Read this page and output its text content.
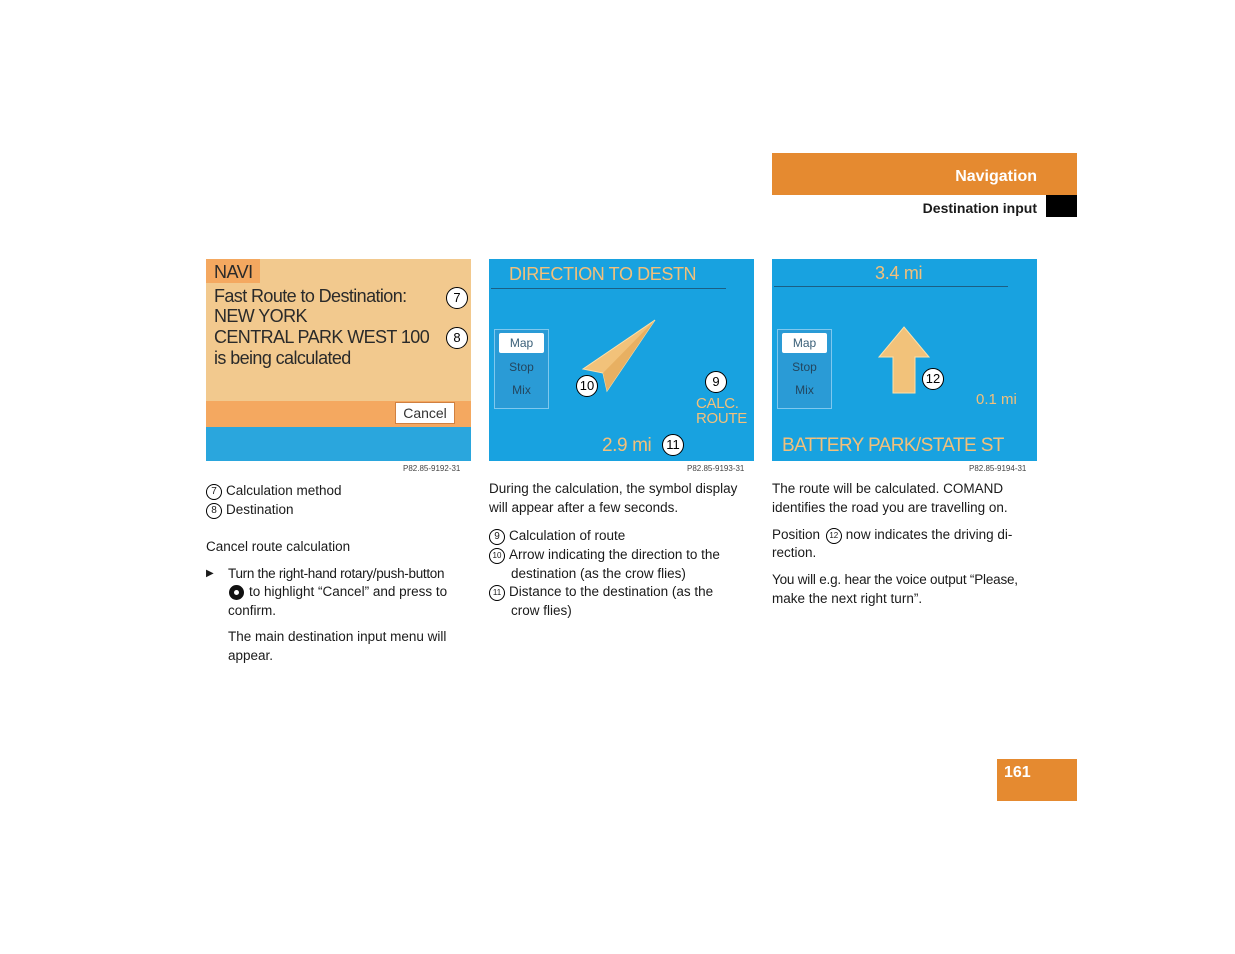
Navigation
Destination input
NAVI
Fast Route to Destination:
NEW YORK
CENTRAL PARK WEST 100
is being calculated
Cancel
7
8
P82.85-9192-31
DIRECTION TO DESTN
Map
Stop
Mix
CALC.
ROUTE
2.9 mi
9
10
11
P82.85-9193-31
3.4 mi
Map
Stop
Mix
0.1 mi
BATTERY PARK/STATE ST
12
P82.85-9194-31
7 Calculation method
8 Destination
Cancel route calculation
▶ Turn the right-hand rotary/push-button
to highlight “Cancel” and press to
confirm.
The main destination input menu will
appear.
During the calculation, the symbol display
will appear after a few seconds.
9 Calculation of route
10 Arrow indicating the direction to the
destination (as the crow flies)
11 Distance to the destination (as the
crow flies)
The route will be calculated. COMAND
identifies the road you are travelling on.
Position 12 now indicates the driving di-
rection.
You will e.g. hear the voice output “Please,
make the next right turn”.
161
